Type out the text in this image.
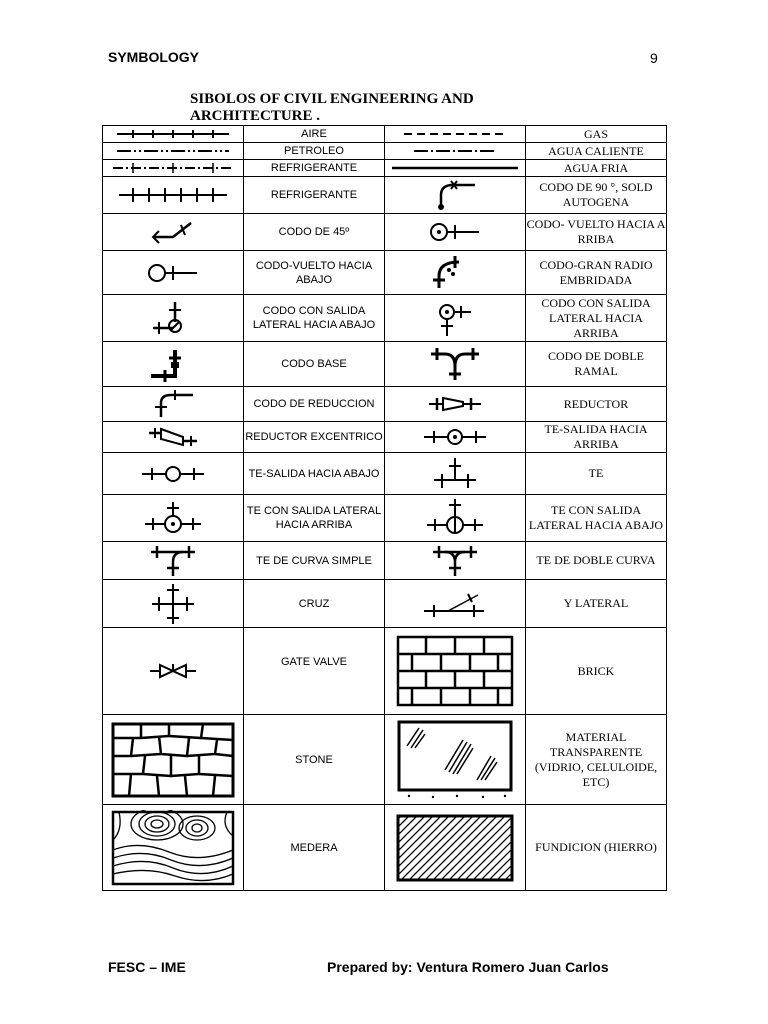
SYMBOLOGY	9
SIBOLOS OF CIVIL ENGINEERING AND
ARCHITECTURE .
	AIRE		GAS

	PETROLEO		AGUA CALIENTE

	REFRIGERANTE		AGUA FRIA

	REFRIGERANTE		CODO DE 90 °, SOLD AUTOGENA

	CODO DE 45º		CODO- VUELTO HACIA A RRIBA

	CODO-VUELTO HACIA ABAJO		CODO-GRAN RADIO EMBRIDADA

	CODO CON SALIDA LATERAL HACIA ABAJO		CODO CON SALIDA LATERAL HACIA ARRIBA

	CODO BASE		CODO DE DOBLE RAMAL

	CODO DE REDUCCION		REDUCTOR

	REDUCTOR EXCENTRICO		TE-SALIDA HACIA ARRIBA

	TE-SALIDA HACIA ABAJO		TE

	TE CON SALIDA LATERAL HACIA ARRIBA		TE CON SALIDA LATERAL HACIA ABAJO

	TE DE CURVA SIMPLE		TE DE DOBLE CURVA

	CRUZ		Y LATERAL

	GATE VALVE		BRICK

	STONE		MATERIAL TRANSPARENTE (VIDRIO, CELULOIDE, ETC)

	MEDERA		FUNDICION (HIERRO)
FESC – IME	Prepared by: Ventura Romero Juan Carlos
